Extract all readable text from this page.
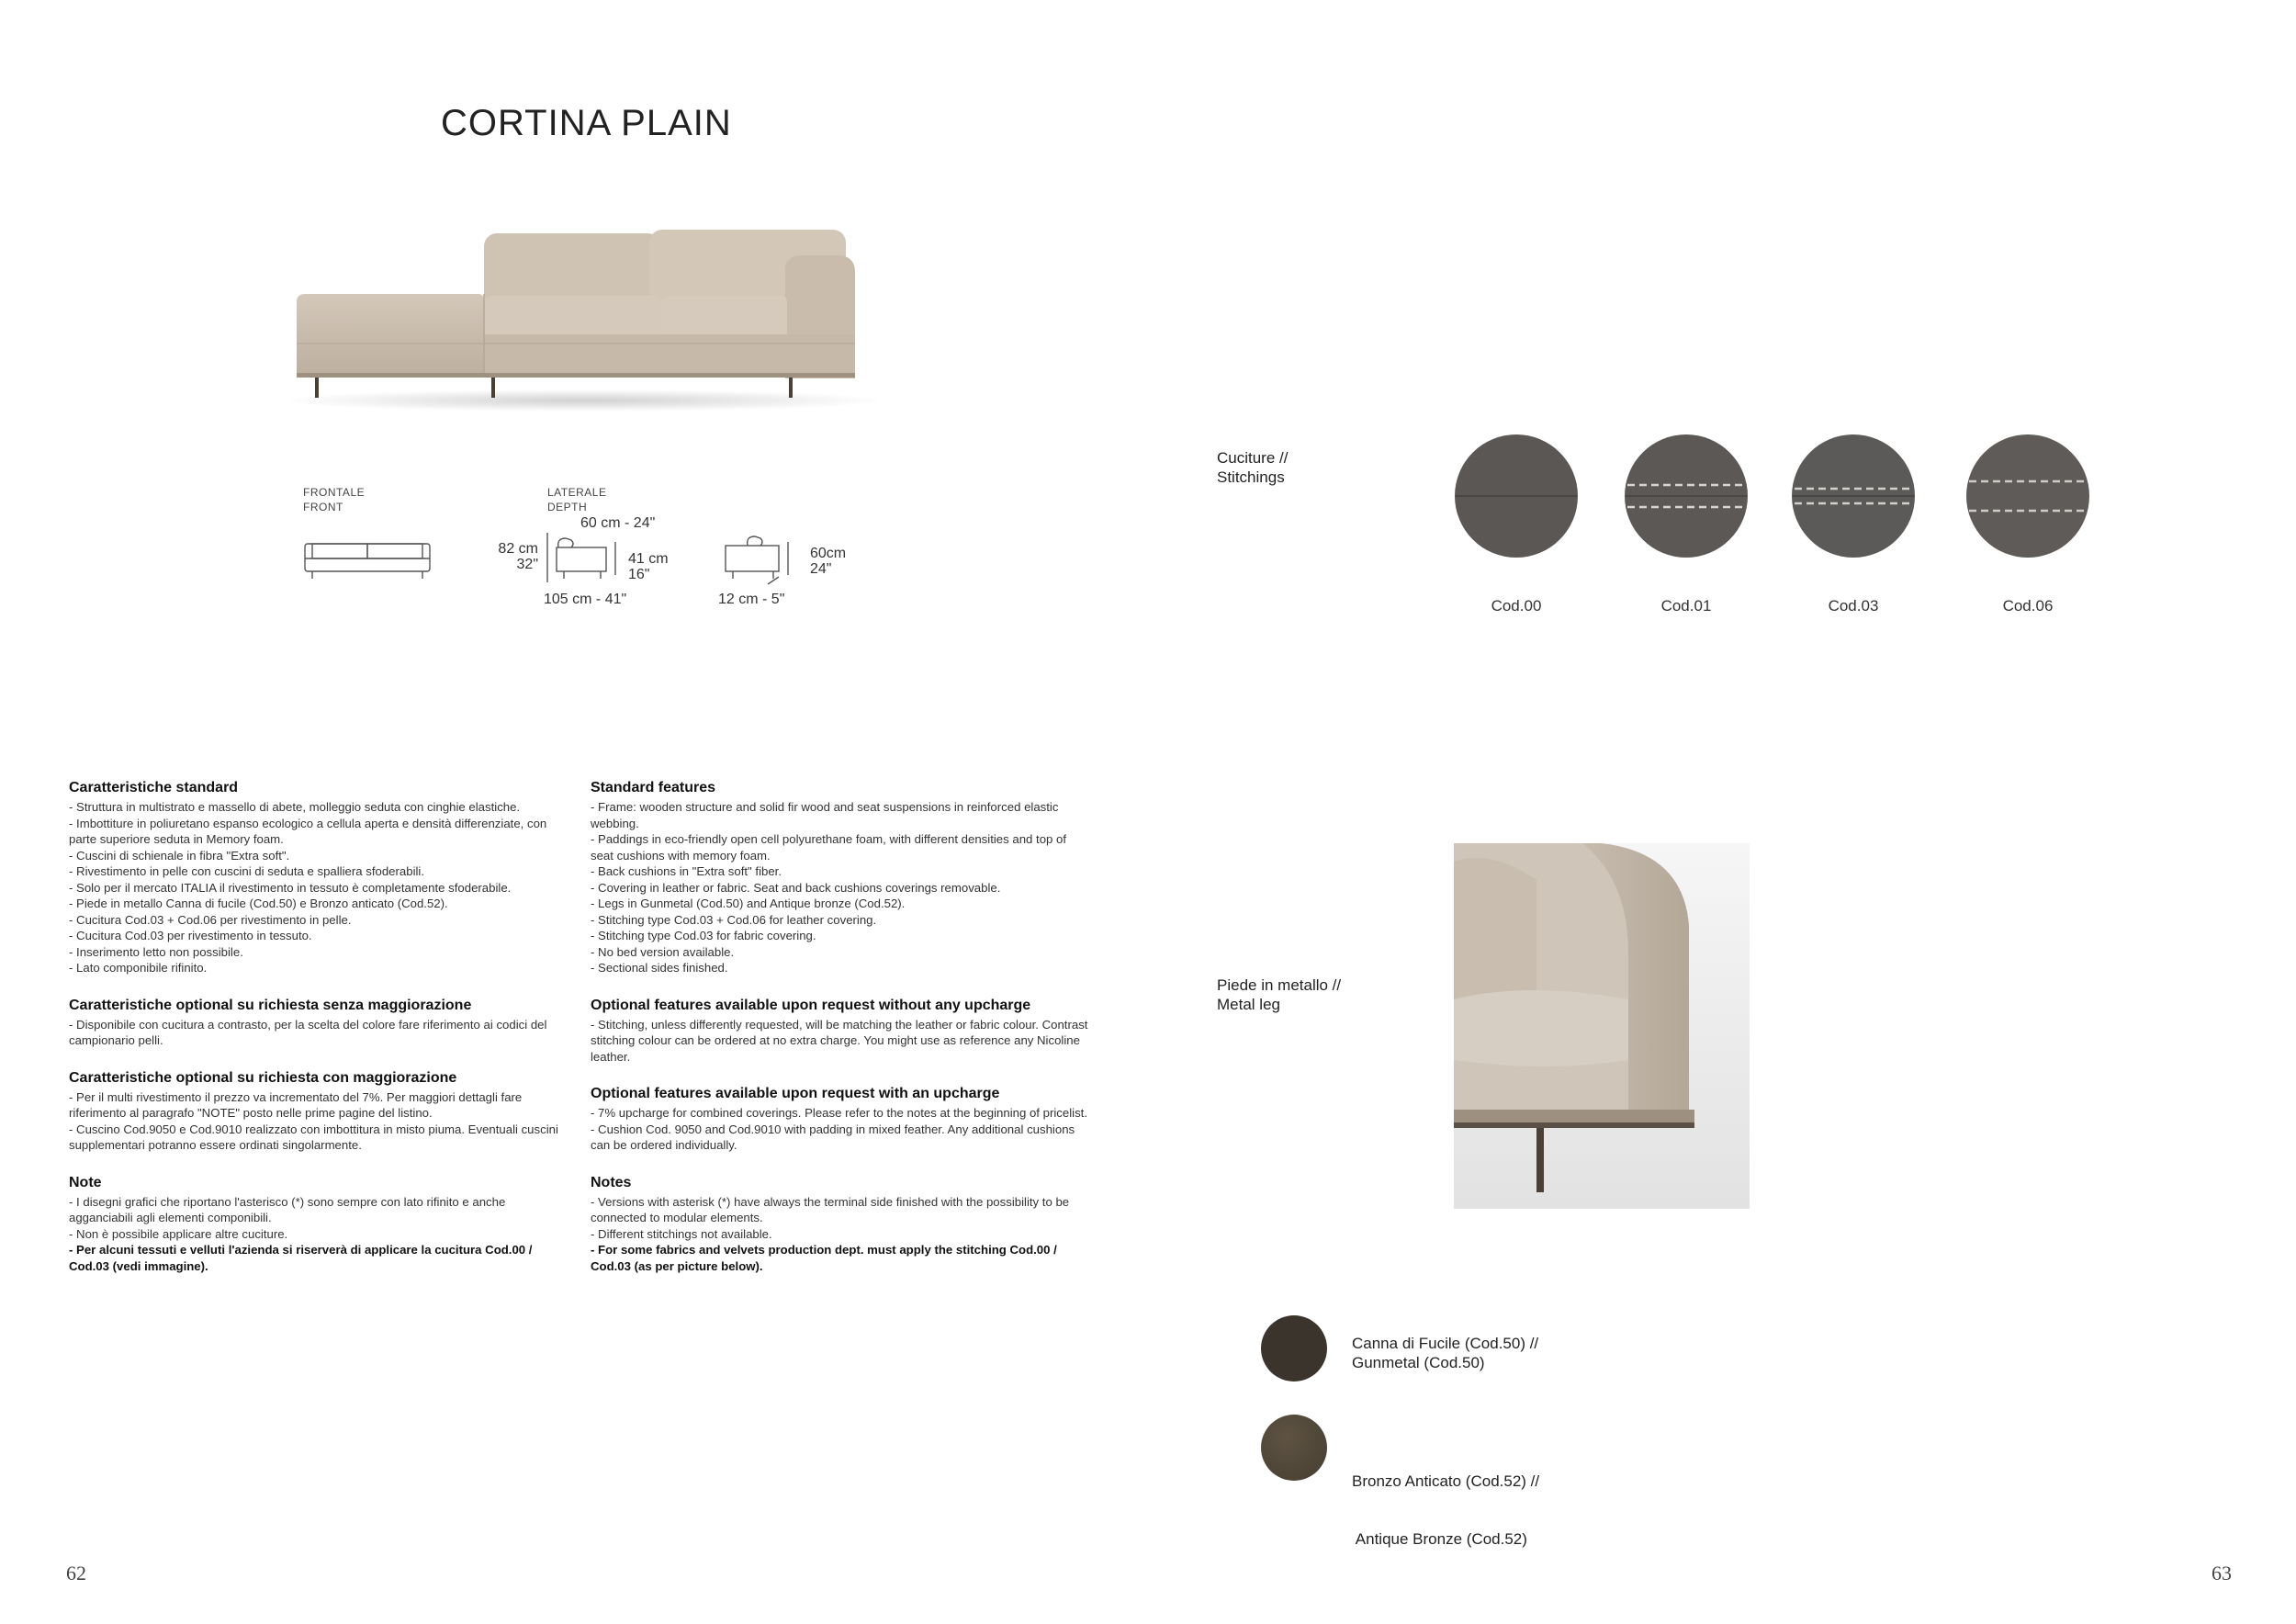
CORTINA PLAIN
FRONTALE
FRONT
LATERALE
DEPTH
60 cm - 24"
82 cm
32"	41 cm
16"
105 cm - 41"
60cm
24"
12 cm - 5"
Caratteristiche standard

- Struttura in multistrato e massello di abete, molleggio seduta con cinghie elastiche.
- Imbottiture in poliuretano espanso ecologico a cellula aperta e densità differenziate, con parte superiore seduta in Memory foam.
- Cuscini di schienale in fibra "Extra soft".
- Rivestimento in pelle con cuscini di seduta e spalliera sfoderabili.
- Solo per il mercato ITALIA il rivestimento in tessuto è completamente sfoderabile.
- Piede in metallo Canna di fucile (Cod.50) e Bronzo anticato (Cod.52).
- Cucitura Cod.03 + Cod.06 per rivestimento in pelle.
- Cucitura Cod.03 per rivestimento in tessuto.
- Inserimento letto non possibile.
- Lato componibile rifinito.

Caratteristiche optional su richiesta senza maggiorazione

- Disponibile con cucitura a contrasto, per la scelta del colore fare riferimento ai codici del campionario pelli.

Caratteristiche optional su richiesta con maggiorazione

- Per il multi rivestimento il prezzo va incrementato del 7%. Per maggiori dettagli fare riferimento al paragrafo "NOTE" posto nelle prime pagine del listino.
- Cuscino Cod.9050 e Cod.9010 realizzato con imbottitura in misto piuma. Eventuali cuscini supplementari potranno essere ordinati singolarmente.

Note
- I disegni grafici che riportano l'asterisco (*) sono sempre con lato rifinito e anche agganciabili agli elementi componibili.
- Non è possibile applicare altre cuciture.
- Per alcuni tessuti e velluti l'azienda si riserverà di applicare la cucitura Cod.00 / Cod.03 (vedi immagine).
Standard features

- Frame: wooden structure and solid fir wood and seat suspensions in reinforced elastic webbing.
- Paddings in eco-friendly open cell polyurethane foam, with different densities and top of seat cushions with memory foam.
- Back cushions in "Extra soft" fiber.
- Covering in leather or fabric. Seat and back cushions coverings removable.
- Legs in Gunmetal (Cod.50) and Antique bronze (Cod.52).
- Stitching type Cod.03 + Cod.06 for leather covering.
- Stitching type Cod.03 for fabric covering.
- No bed version available.
- Sectional sides finished.

Optional features available upon request without any upcharge

- Stitching, unless differently requested, will be matching the leather or fabric colour. Contrast stitching colour can be ordered at no extra charge. You might use as reference any Nicoline leather.

Optional features available upon request with an upcharge

- 7% upcharge for combined coverings. Please refer to the notes at the beginning of pricelist.
- Cushion Cod. 9050 and Cod.9010 with padding in mixed feather. Any additional cushions can be ordered individually.

Notes
- Versions with asterisk (*) have always the terminal side finished with the possibility to be connected to modular elements.
- Different stitchings not available.
- For some fabrics and velvets production dept. must apply the stitching Cod.00 / Cod.03 (as per picture below).
62
Cuciture //
Stitchings
Cod.00	Cod.01	Cod.03	Cod.06
Piede in metallo //
Metal leg
Canna di Fucile (Cod.50) //
Gunmetal (Cod.50)

Bronzo Anticato (Cod.52) //

Antique Bronze (Cod.52)

63
